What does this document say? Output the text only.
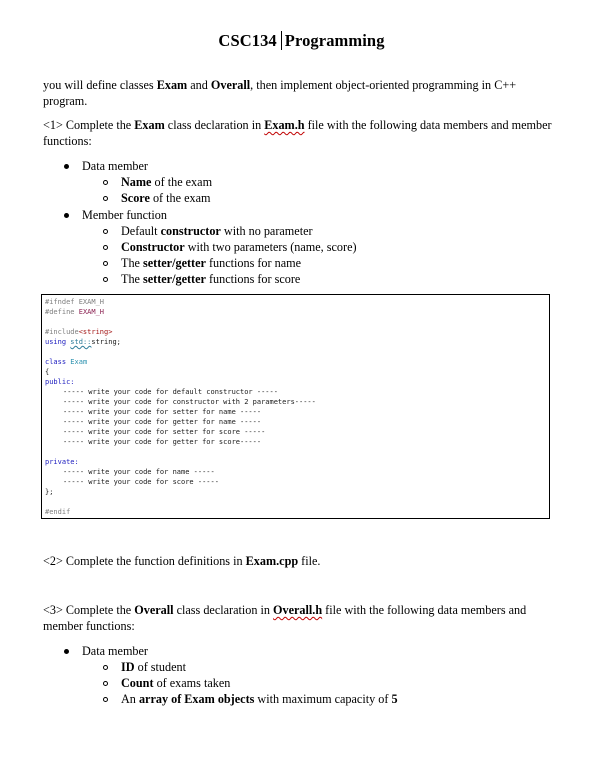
CSC134 Programming
you will define classes Exam and Overall, then implement object-oriented programming in C++ program.
<1> Complete the Exam class declaration in Exam.h file with the following data members and member functions:
Data member
Name of the exam
Score of the exam
Member function
Default constructor with no parameter
Constructor with two parameters (name, score)
The setter/getter functions for name
The setter/getter functions for score
#ifndef EXAM_H
#define EXAM_H
#include<string>
using std::string;
class Exam
{
public:
----- write your code for default constructor -----
----- write your code for constructor with 2 parameters-----
----- write your code for setter for name -----
----- write your code for getter for name -----
----- write your code for setter for score -----
----- write your code for getter for score-----
private:
----- write your code for name -----
----- write your code for score -----
};
#endif
<2> Complete the function definitions in Exam.cpp file.
<3> Complete the Overall class declaration in Overall.h file with the following data members and member functions:
Data member
ID of student
Count of exams taken
An array of Exam objects with maximum capacity of 5
